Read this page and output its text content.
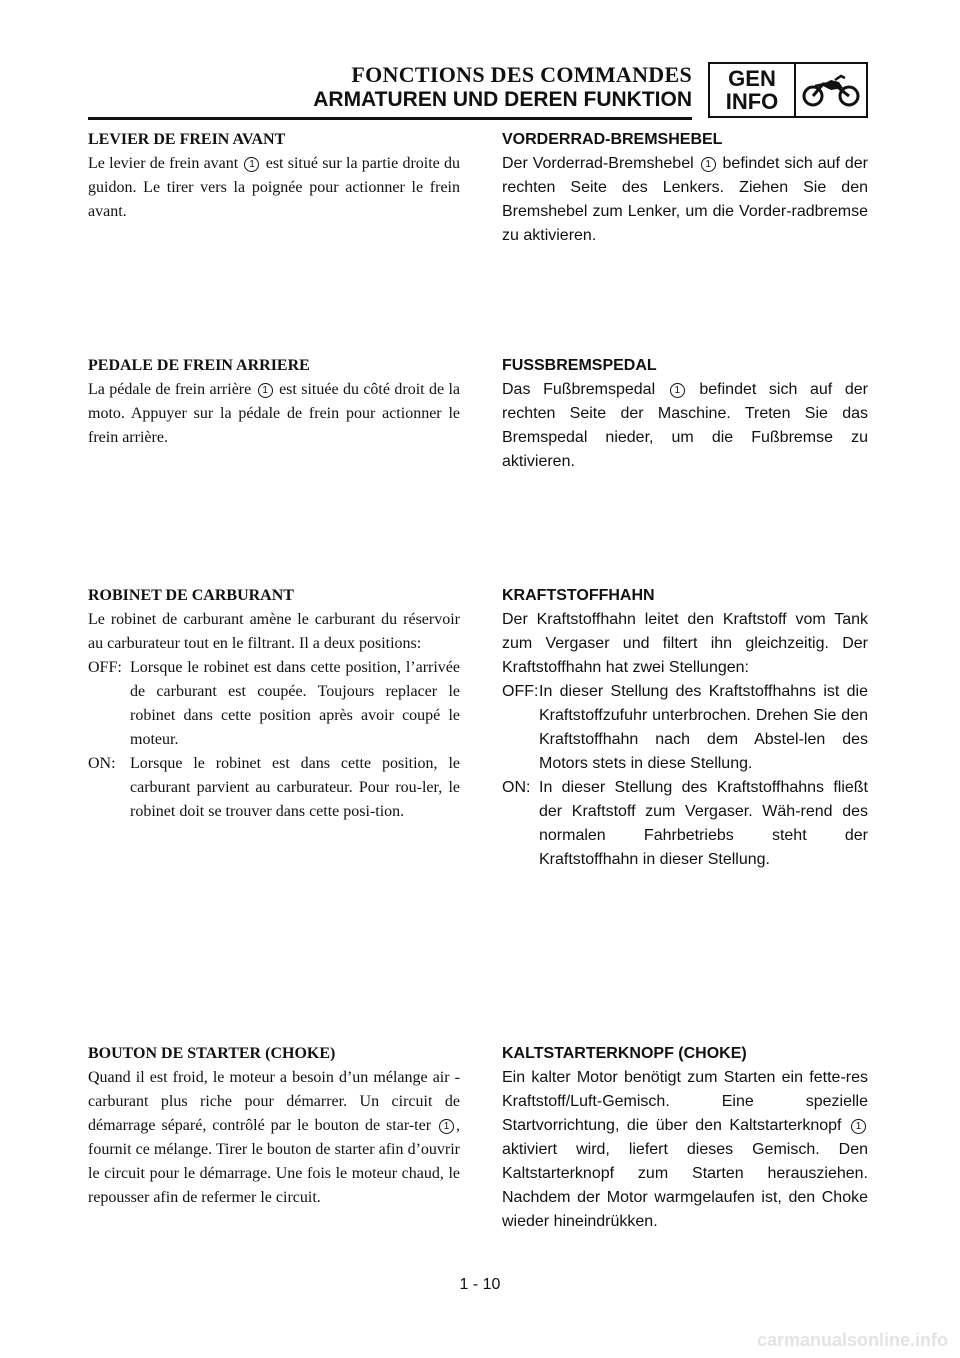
FONCTIONS DES COMMANDES
ARMATUREN UND DEREN FUNKTION
GEN
INFO
LEVIER DE FREIN AVANT

Le levier de frein avant 1 est situé sur la partie droite du guidon. Le tirer vers la poignée pour actionner le frein avant.

VORDERRAD-BREMSHEBEL

Der Vorderrad-Bremshebel 1 befindet sich auf der rechten Seite des Lenkers. Ziehen Sie den Bremshebel zum Lenker, um die Vorder-radbremse zu aktivieren.

PEDALE DE FREIN ARRIERE

La pédale de frein arrière 1 est située du côté droit de la moto. Appuyer sur la pédale de frein pour actionner le frein arrière.

FUSSBREMSPEDAL

Das Fußbremspedal 1 befindet sich auf der rechten Seite der Maschine. Treten Sie das Bremspedal nieder, um die Fußbremse zu aktivieren.

ROBINET DE CARBURANT

Le robinet de carburant amène le carburant du réservoir au carburateur tout en le filtrant. Il a deux positions:

OFF: Lorsque le robinet est dans cette position, l’arrivée de carburant est coupée. Toujours replacer le robinet dans cette position après avoir coupé le moteur.
ON: Lorsque le robinet est dans cette position, le carburant parvient au carburateur. Pour rou-ler, le robinet doit se trouver dans cette posi-tion.
KRAFTSTOFFHAHN

Der Kraftstoffhahn leitet den Kraftstoff vom Tank zum Vergaser und filtert ihn gleichzeitig. Der Kraftstoffhahn hat zwei Stellungen:

OFF: In dieser Stellung des Kraftstoffhahns ist die Kraftstoffzufuhr unterbrochen. Drehen Sie den Kraftstoffhahn nach dem Abstel-len des Motors stets in diese Stellung.
ON: In dieser Stellung des Kraftstoffhahns fließt der Kraftstoff zum Vergaser. Wäh-rend des normalen Fahrbetriebs steht der Kraftstoffhahn in dieser Stellung.
BOUTON DE STARTER (CHOKE)

Quand il est froid, le moteur a besoin d’un mélange air - carburant plus riche pour démarrer. Un circuit de démarrage séparé, contrôlé par le bouton de star-ter 1 , fournit ce mélange. Tirer le bouton de starter afin d’ouvrir le circuit pour le démarrage. Une fois le moteur chaud, le repousser afin de refermer le circuit.

KALTSTARTERKNOPF (CHOKE)

Ein kalter Motor benötigt zum Starten ein fette-res Kraftstoff/Luft-Gemisch. Eine spezielle Startvorrichtung, die über den Kaltstarterknopf 1 aktiviert wird, liefert dieses Gemisch. Den Kaltstarterknopf zum Starten herausziehen. Nachdem der Motor warmgelaufen ist, den Choke wieder hineindrükken.

1 - 10
carmanualsonline.info
